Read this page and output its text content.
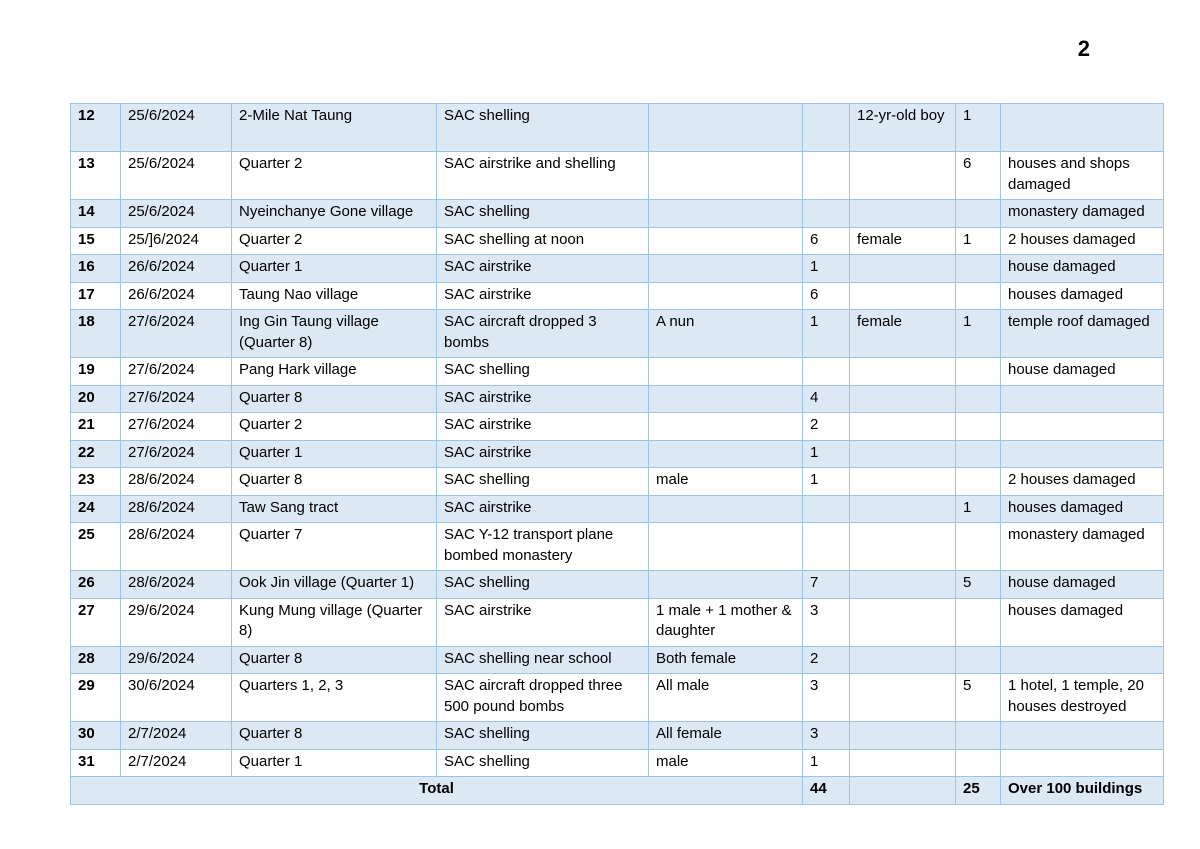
2
12	25/6/2024	2-Mile Nat Taung	SAC shelling			12-yr-old boy	1	
13	25/6/2024	Quarter 2	SAC airstrike and shelling				6	houses and shops damaged
14	25/6/2024	Nyeinchanye Gone village	SAC shelling					monastery damaged
15	25/]6/2024	Quarter 2	SAC shelling at noon		6	female	1	2 houses damaged
16	26/6/2024	Quarter 1	SAC airstrike		1			house damaged
17	26/6/2024	Taung Nao village	SAC airstrike		6			houses damaged
18	27/6/2024	Ing Gin Taung village (Quarter 8)	SAC aircraft dropped 3 bombs	A nun	1	female	1	temple roof damaged
19	27/6/2024	Pang Hark village	SAC shelling					house damaged
20	27/6/2024	Quarter 8	SAC airstrike		4			
21	27/6/2024	Quarter 2	SAC airstrike		2			
22	27/6/2024	Quarter 1	SAC airstrike		1			
23	28/6/2024	Quarter 8	SAC shelling	male	1			2 houses damaged
24	28/6/2024	Taw Sang tract	SAC airstrike				1	houses damaged
25	28/6/2024	Quarter 7	SAC Y-12 transport plane bombed monastery					monastery damaged
26	28/6/2024	Ook Jin village (Quarter 1)	SAC shelling		7		5	house damaged
27	29/6/2024	Kung Mung village (Quarter 8)	SAC airstrike	1 male + 1 mother & daughter	3			houses damaged
28	29/6/2024	Quarter 8	SAC shelling near school	Both female	2			
29	30/6/2024	Quarters 1, 2, 3	SAC aircraft dropped three 500 pound bombs	All male	3		5	1 hotel, 1 temple, 20 houses destroyed
30	2/7/2024	Quarter 8	SAC shelling	All female	3			
31	2/7/2024	Quarter 1	SAC shelling	male	1			
Total					44		25	Over 100 buildings
